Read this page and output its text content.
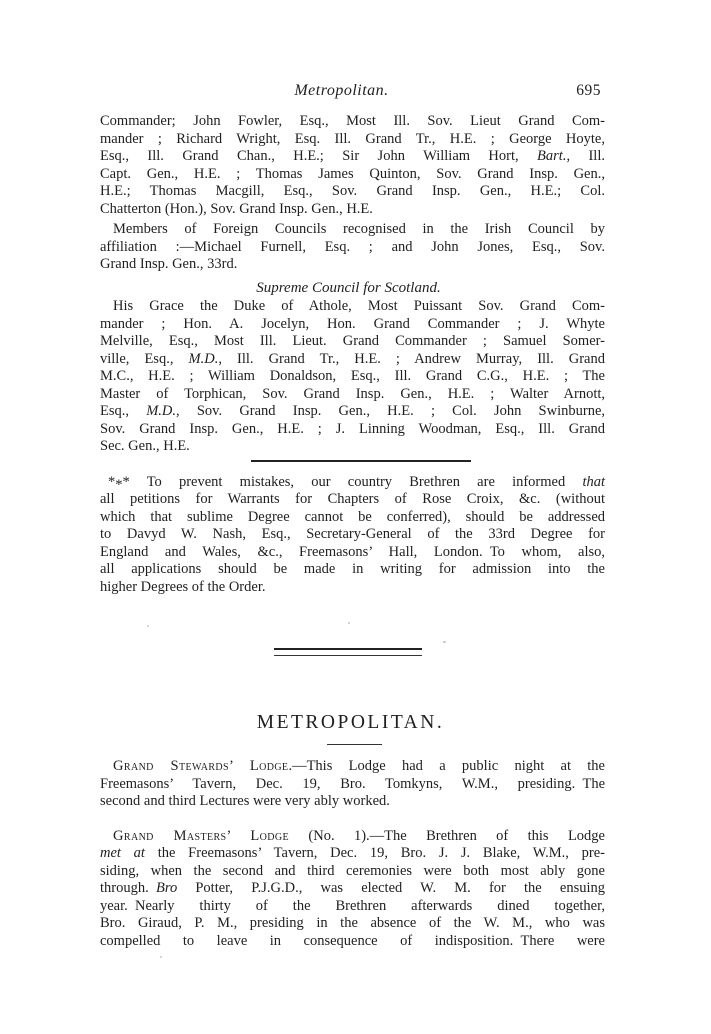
Metropolitan.	695
Commander; John Fowler, Esq., Most Ill. Sov. Lieut Grand Com-
mander ; Richard Wright, Esq. Ill. Grand Tr., H.E. ; George Hoyte,
Esq., Ill. Grand Chan., H.E.; Sir John William Hort, Bart., Ill.
Capt. Gen., H.E. ; Thomas James Quinton, Sov. Grand Insp. Gen.,
H.E.; Thomas Macgill, Esq., Sov. Grand Insp. Gen., H.E.; Col.
Chatterton (Hon.), Sov. Grand Insp. Gen., H.E.
Members of Foreign Councils recognised in the Irish Council by
affiliation :—Michael Furnell, Esq. ; and John Jones, Esq., Sov.
Grand Insp. Gen., 33rd.
Supreme Council for Scotland.
His Grace the Duke of Athole, Most Puissant Sov. Grand Com-
mander ; Hon. A. Jocelyn, Hon. Grand Commander ; J. Whyte
Melville, Esq., Most Ill. Lieut. Grand Commander ; Samuel Somer-
ville, Esq., M.D., Ill. Grand Tr., H.E. ; Andrew Murray, Ill. Grand
M.C., H.E. ; William Donaldson, Esq., Ill. Grand C.G., H.E. ; The
Master of Torphican, Sov. Grand Insp. Gen., H.E. ; Walter Arnott,
Esq., M.D., Sov. Grand Insp. Gen., H.E. ; Col. John Swinburne,
Sov. Grand Insp. Gen., H.E. ; J. Linning Woodman, Esq., Ill. Grand
Sec. Gen., H.E.
*** To prevent mistakes, our country Brethren are informed that
all petitions for Warrants for Chapters of Rose Croix, &c. (without
which that sublime Degree cannot be conferred), should be addressed
to Davyd W. Nash, Esq., Secretary-General of the 33rd Degree for
England and Wales, &c., Freemasons’ Hall, London. To whom, also,
all applications should be made in writing for admission into the
higher Degrees of the Order.
METROPOLITAN.
Grand Stewards’ Lodge.—This Lodge had a public night at the
Freemasons’ Tavern, Dec. 19, Bro. Tomkyns, W.M., presiding. The
second and third Lectures were very ably worked.
Grand Masters’ Lodge (No. 1).—The Brethren of this Lodge
met at the Freemasons’ Tavern, Dec. 19, Bro. J. J. Blake, W.M., pre-
siding, when the second and third ceremonies were both most ably gone
through. Bro Potter, P.J.G.D., was elected W. M. for the ensuing
year. Nearly thirty of the Brethren afterwards dined together,
Bro. Giraud, P. M., presiding in the absence of the W. M., who was
compelled to leave in consequence of indisposition. There were
